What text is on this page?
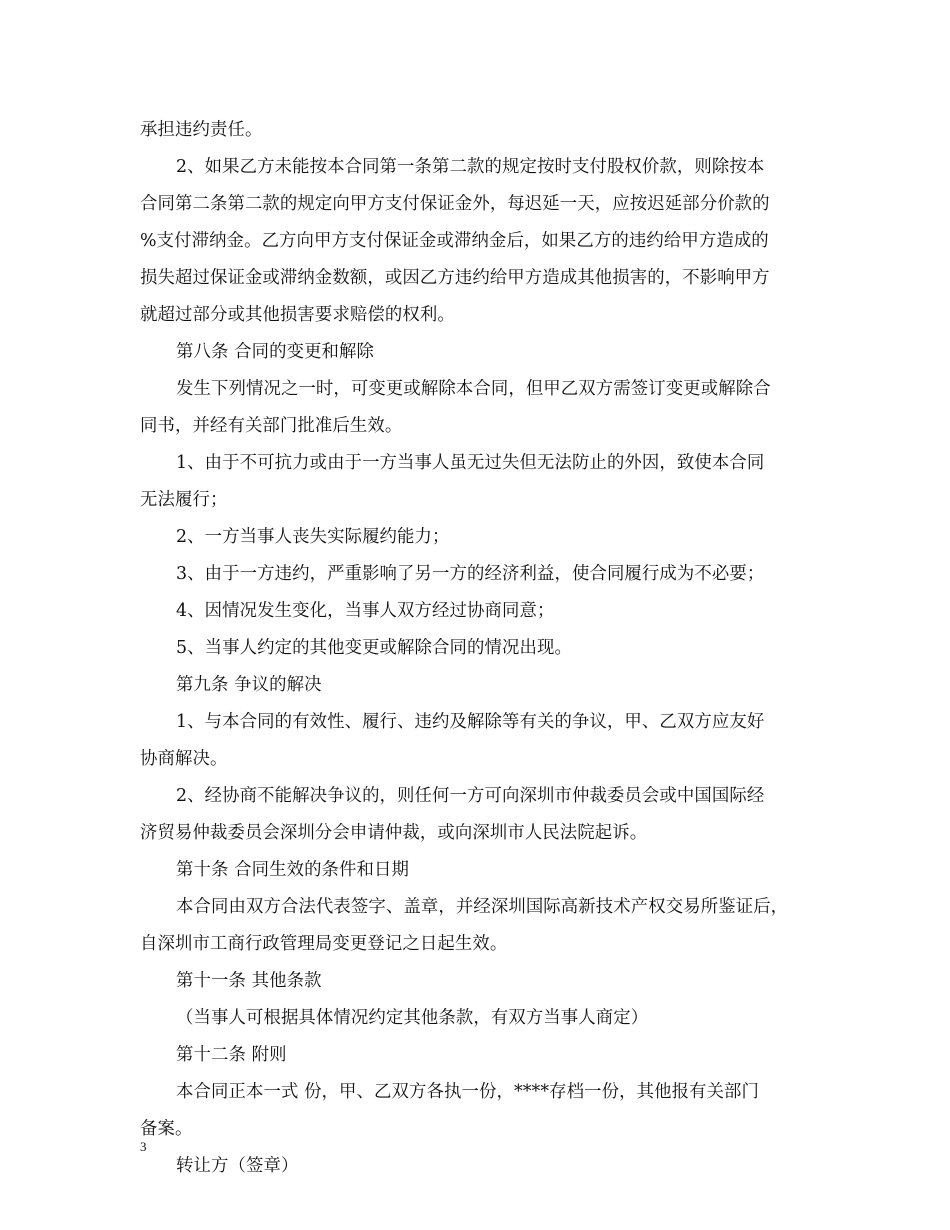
承担违约责任。
2、如果乙方未能按本合同第一条第二款的规定按时支付股权价款，则除按本
合同第二条第二款的规定向甲方支付保证金外，每迟延一天，应按迟延部分价款的
%支付滞纳金。乙方向甲方支付保证金或滞纳金后，如果乙方的违约给甲方造成的
损失超过保证金或滞纳金数额，或因乙方违约给甲方造成其他损害的，不影响甲方
就超过部分或其他损害要求赔偿的权利。
第八条 合同的变更和解除
发生下列情况之一时，可变更或解除本合同，但甲乙双方需签订变更或解除合
同书，并经有关部门批准后生效。
1、由于不可抗力或由于一方当事人虽无过失但无法防止的外因，致使本合同
无法履行；
2、一方当事人丧失实际履约能力；
3、由于一方违约，严重影响了另一方的经济利益，使合同履行成为不必要；
4、因情况发生变化，当事人双方经过协商同意；
5、当事人约定的其他变更或解除合同的情况出现。
第九条 争议的解决
1、与本合同的有效性、履行、违约及解除等有关的争议，甲、乙双方应友好
协商解决。
2、经协商不能解决争议的，则任何一方可向深圳市仲裁委员会或中国国际经
济贸易仲裁委员会深圳分会申请仲裁，或向深圳市人民法院起诉。
第十条 合同生效的条件和日期
本合同由双方合法代表签字、盖章，并经深圳国际高新技术产权交易所鉴证后，
自深圳市工商行政管理局变更登记之日起生效。
第十一条 其他条款
（当事人可根据具体情况约定其他条款，有双方当事人商定）
第十二条 附则
本合同正本一式 份，甲、乙双方各执一份，****存档一份，其他报有关部门
备案。
转让方（签章）
3
